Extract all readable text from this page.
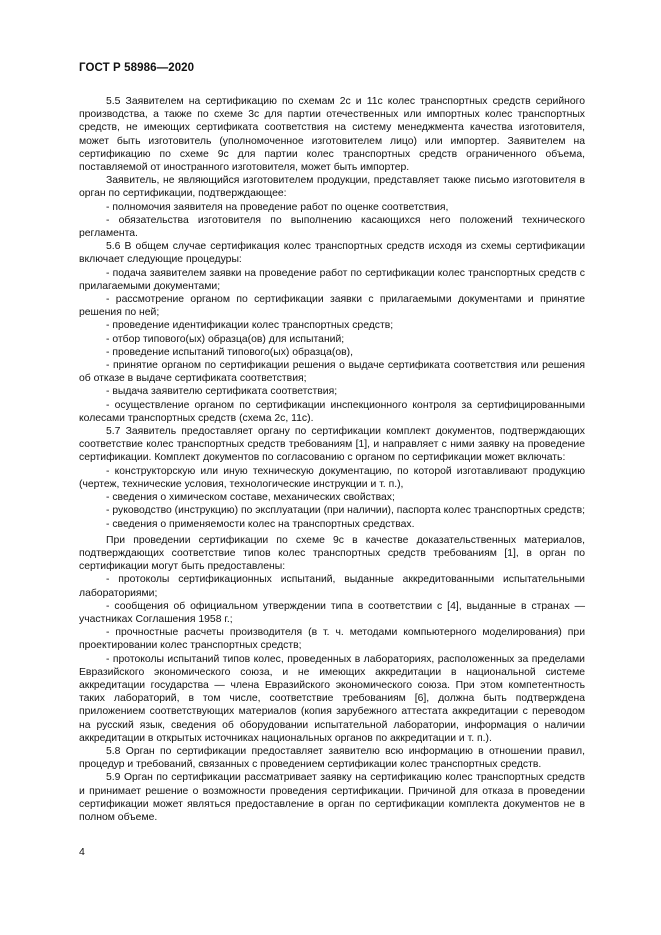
ГОСТ Р 58986—2020

5.5 Заявителем на сертификацию по схемам 2с и 11с колес транспортных средств серийного производства, а также по схеме 3с для партии отечественных или импортных колес транспортных средств, не имеющих сертификата соответствия на систему менеджмента качества изготовителя, может быть изготовитель (уполномоченное изготовителем лицо) или импортер. Заявителем на сертификацию по схеме 9с для партии колес транспортных средств ограниченного объема, поставляемой от иностранного изготовителя, может быть импортер.

Заявитель, не являющийся изготовителем продукции, представляет также письмо изготовителя в орган по сертификации, подтверждающее:

- полномочия заявителя на проведение работ по оценке соответствия,

- обязательства изготовителя по выполнению касающихся него положений технического регламента.

5.6 В общем случае сертификация колес транспортных средств исходя из схемы сертификации включает следующие процедуры:

- подача заявителем заявки на проведение работ по сертификации колес транспортных средств с прилагаемыми документами;

- рассмотрение органом по сертификации заявки с прилагаемыми документами и принятие решения по ней;

- проведение идентификации колес транспортных средств;

- отбор типового(ых) образца(ов) для испытаний;

- проведение испытаний типового(ых) образца(ов),

- принятие органом по сертификации решения о выдаче сертификата соответствия или решения об отказе в выдаче сертификата соответствия;

- выдача заявителю сертификата соответствия;

- осуществление органом по сертификации инспекционного контроля за сертифицированными колесами транспортных средств (схема 2с, 11с).

5.7 Заявитель предоставляет органу по сертификации комплект документов, подтверждающих соответствие колес транспортных средств требованиям [1], и направляет с ними заявку на проведение сертификации. Комплект документов по согласованию с органом по сертификации может включать:

- конструкторскую или иную техническую документацию, по которой изготавливают продукцию (чертеж, технические условия, технологические инструкции и т. п.),

- сведения о химическом составе, механических свойствах;

- руководство (инструкцию) по эксплуатации (при наличии), паспорта колес транспортных средств;

- сведения о применяемости колес на транспортных средствах.

При проведении сертификации по схеме 9с в качестве доказательственных материалов, подтверждающих соответствие типов колес транспортных средств требованиям [1], в орган по сертификации могут быть предоставлены:

- протоколы сертификационных испытаний, выданные аккредитованными испытательными лабораториями;

- сообщения об официальном утверждении типа в соответствии с [4], выданные в странах — участниках Соглашения 1958 г.;

- прочностные расчеты производителя (в т. ч. методами компьютерного моделирования) при проектировании колес транспортных средств;

- протоколы испытаний типов колес, проведенных в лабораториях, расположенных за пределами Евразийского экономического союза, и не имеющих аккредитации в национальной системе аккредитации государства — члена Евразийского экономического союза. При этом компетентность таких лабораторий, в том числе, соответствие требованиям [6], должна быть подтверждена приложением соответствующих материалов (копия зарубежного аттестата аккредитации с переводом на русский язык, сведения об оборудовании испытательной лаборатории, информация о наличии аккредитации в открытых источниках национальных органов по аккредитации и т. п.).

5.8 Орган по сертификации предоставляет заявителю всю информацию в отношении правил, процедур и требований, связанных с проведением сертификации колес транспортных средств.

5.9 Орган по сертификации рассматривает заявку на сертификацию колес транспортных средств и принимает решение о возможности проведения сертификации. Причиной для отказа в проведении сертификации может являться предоставление в орган по сертификации комплекта документов не в полном объеме.

4
